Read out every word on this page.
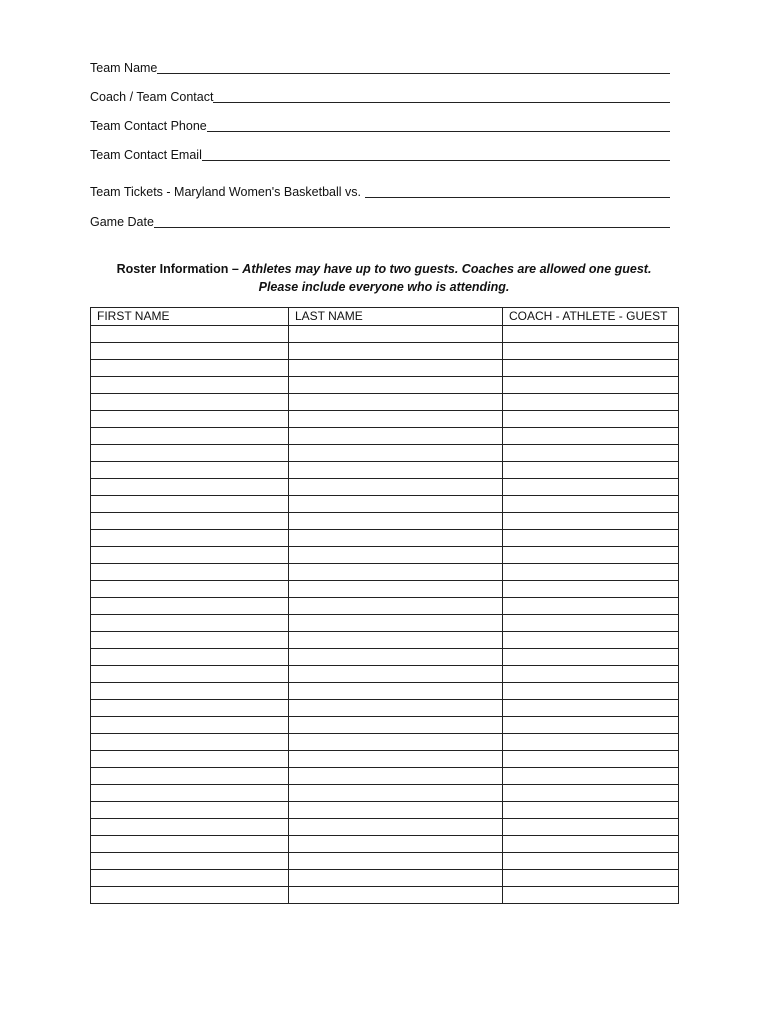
Team Name
Coach / Team Contact
Team Contact Phone
Team Contact Email
Team Tickets - Maryland Women's Basketball vs.
Game Date
Roster Information – Athletes may have up to two guests. Coaches are allowed one guest.
Please include everyone who is attending.
FIRST NAME	LAST NAME	COACH - ATHLETE - GUEST
